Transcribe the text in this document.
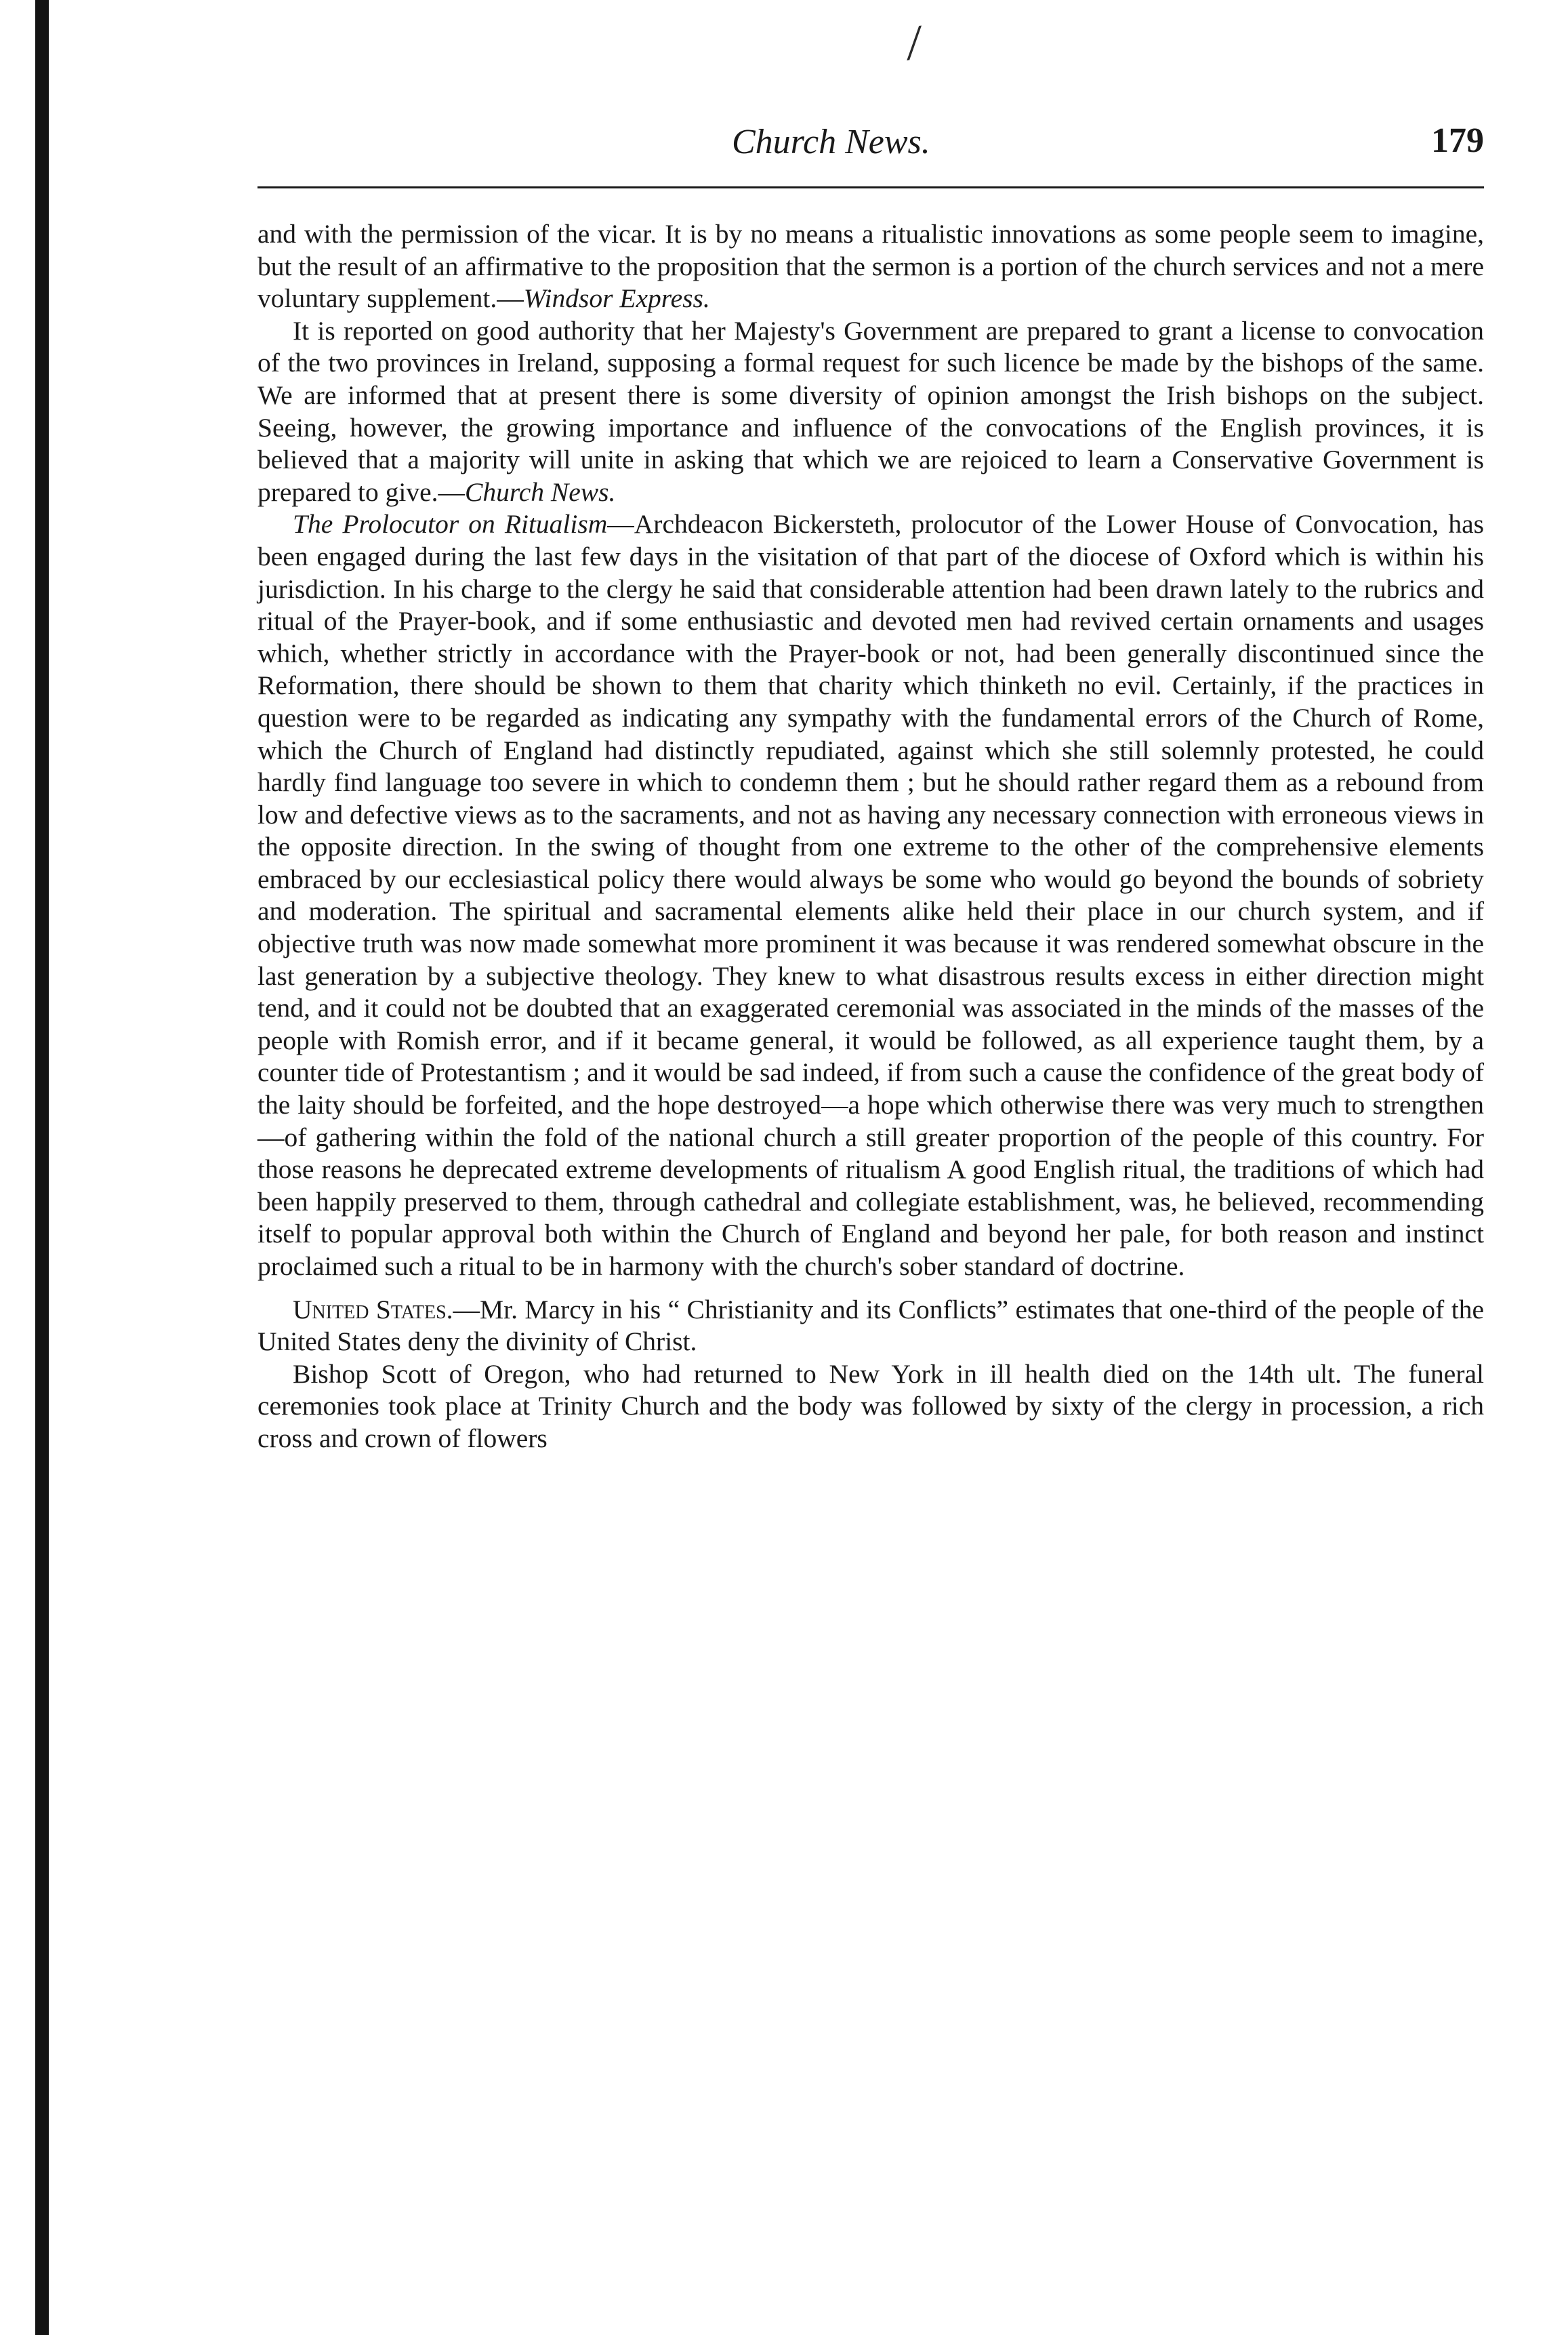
/
Church News.	179

and with the permission of the vicar. It is by no means a ritualistic innovations as some people seem to imagine, but the result of an affirmative to the proposition that the sermon is a portion of the church services and not a mere voluntary supplement.—Windsor Express.

It is reported on good authority that her Majesty's Government are prepared to grant a license to convocation of the two provinces in Ireland, supposing a formal request for such licence be made by the bishops of the same. We are informed that at present there is some diversity of opinion amongst the Irish bishops on the subject. Seeing, however, the growing importance and influence of the convocations of the English provinces, it is believed that a majority will unite in asking that which we are rejoiced to learn a Conservative Government is prepared to give.—Church News.

The Prolocutor on Ritualism—Archdeacon Bickersteth, prolocutor of the Lower House of Convocation, has been engaged during the last few days in the visitation of that part of the diocese of Oxford which is within his jurisdiction. In his charge to the clergy he said that considerable attention had been drawn lately to the rubrics and ritual of the Prayer-book, and if some enthusiastic and devoted men had revived certain ornaments and usages which, whether strictly in accordance with the Prayer-book or not, had been generally discontinued since the Reformation, there should be shown to them that charity which thinketh no evil. Certainly, if the practices in question were to be regarded as indicating any sympathy with the fundamental errors of the Church of Rome, which the Church of England had distinctly repudiated, against which she still solemnly protested, he could hardly find language too severe in which to condemn them ; but he should rather regard them as a rebound from low and defective views as to the sacraments, and not as having any necessary connection with erroneous views in the opposite direction. In the swing of thought from one extreme to the other of the comprehensive elements embraced by our ecclesiastical policy there would always be some who would go beyond the bounds of sobriety and moderation. The spiritual and sacramental elements alike held their place in our church system, and if objective truth was now made somewhat more prominent it was because it was rendered somewhat obscure in the last generation by a subjective theology. They knew to what disastrous results excess in either direction might tend, and it could not be doubted that an exaggerated ceremonial was associated in the minds of the masses of the people with Romish error, and if it became general, it would be followed, as all experience taught them, by a counter tide of Protestantism ; and it would be sad indeed, if from such a cause the confidence of the great body of the laity should be forfeited, and the hope destroyed—a hope which otherwise there was very much to strengthen—of gathering within the fold of the national church a still greater proportion of the people of this country. For those reasons he deprecated extreme developments of ritualism A good English ritual, the traditions of which had been happily preserved to them, through cathedral and collegiate establishment, was, he believed, recommending itself to popular approval both within the Church of England and beyond her pale, for both reason and instinct proclaimed such a ritual to be in harmony with the church's sober standard of doctrine.

United States.—Mr. Marcy in his “ Christianity and its Conflicts” estimates that one-third of the people of the United States deny the divinity of Christ.

Bishop Scott of Oregon, who had returned to New York in ill health died on the 14th ult. The funeral ceremonies took place at Trinity Church and the body was followed by sixty of the clergy in procession, a rich cross and crown of flowers
